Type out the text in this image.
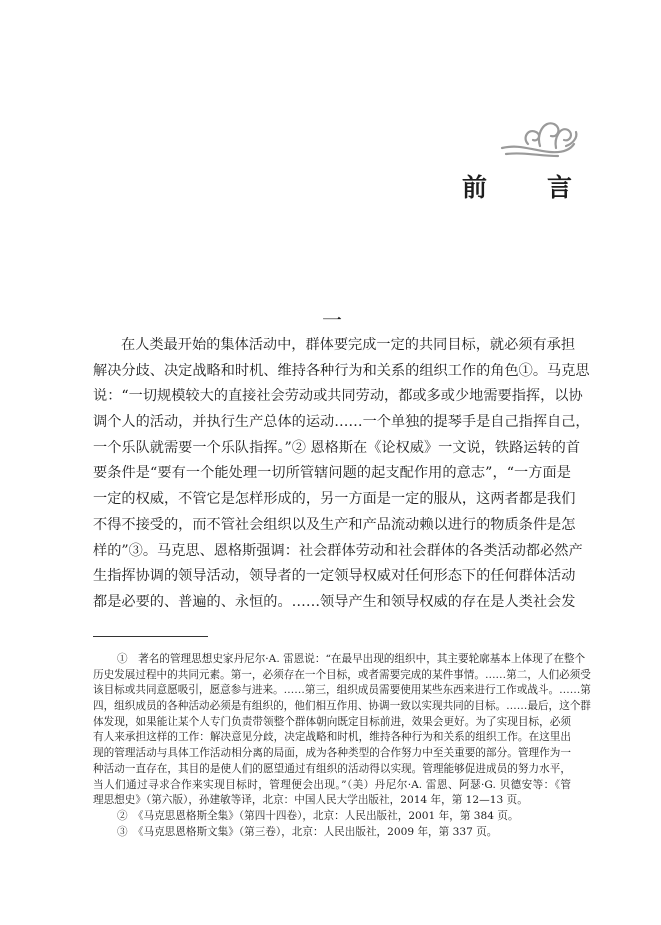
前 言
一
在人类最开始的集体活动中，群体要完成一定的共同目标，就必须有承担
解决分歧、决定战略和时机、维持各种行为和关系的组织工作的角色①。马克思
说：“一切规模较大的直接社会劳动或共同劳动，都或多或少地需要指挥，以协
调个人的活动，并执行生产总体的运动……一个单独的提琴手是自己指挥自己，
一个乐队就需要一个乐队指挥。”② 恩格斯在《论权威》一文说，铁路运转的首
要条件是“要有一个能处理一切所管辖问题的起支配作用的意志”，“一方面是
一定的权威，不管它是怎样形成的，另一方面是一定的服从，这两者都是我们
不得不接受的，而不管社会组织以及生产和产品流动赖以进行的物质条件是怎
样的”③。马克思、恩格斯强调：社会群体劳动和社会群体的各类活动都必然产
生指挥协调的领导活动，领导者的一定领导权威对任何形态下的任何群体活动
都是必要的、普遍的、永恒的。……领导产生和领导权威的存在是人类社会发
①　著名的管理思想史家丹尼尔·A. 雷恩说：“在最早出现的组织中，其主要轮廓基本上体现了在整个
历史发展过程中的共同元素。第一，必须存在一个目标，或者需要完成的某件事情。……第二，人们必须受
该目标或共同意愿吸引，愿意参与进来。……第三，组织成员需要使用某些东西来进行工作或战斗。……第
四，组织成员的各种活动必须是有组织的，他们相互作用、协调一致以实现共同的目标。……最后，这个群
体发现，如果能让某个人专门负责带领整个群体朝向既定目标前进，效果会更好。为了实现目标，必须
有人来承担这样的工作：解决意见分歧，决定战略和时机，维持各种行为和关系的组织工作。在这里出
现的管理活动与具体工作活动相分离的局面，成为各种类型的合作努力中至关重要的部分。管理作为一
种活动一直存在，其目的是使人们的愿望通过有组织的活动得以实现。管理能够促进成员的努力水平，
当人们通过寻求合作来实现目标时，管理便会出现。”（美）丹尼尔·A. 雷恩、阿瑟·G. 贝德安等：《管
理思想史》（第六版），孙建敏等译，北京：中国人民大学出版社，2014 年，第 12—13 页。
②　《马克思恩格斯全集》（第四十四卷），北京：人民出版社，2001 年，第 384 页。
③　《马克思恩格斯文集》（第三卷），北京：人民出版社，2009 年，第 337 页。
